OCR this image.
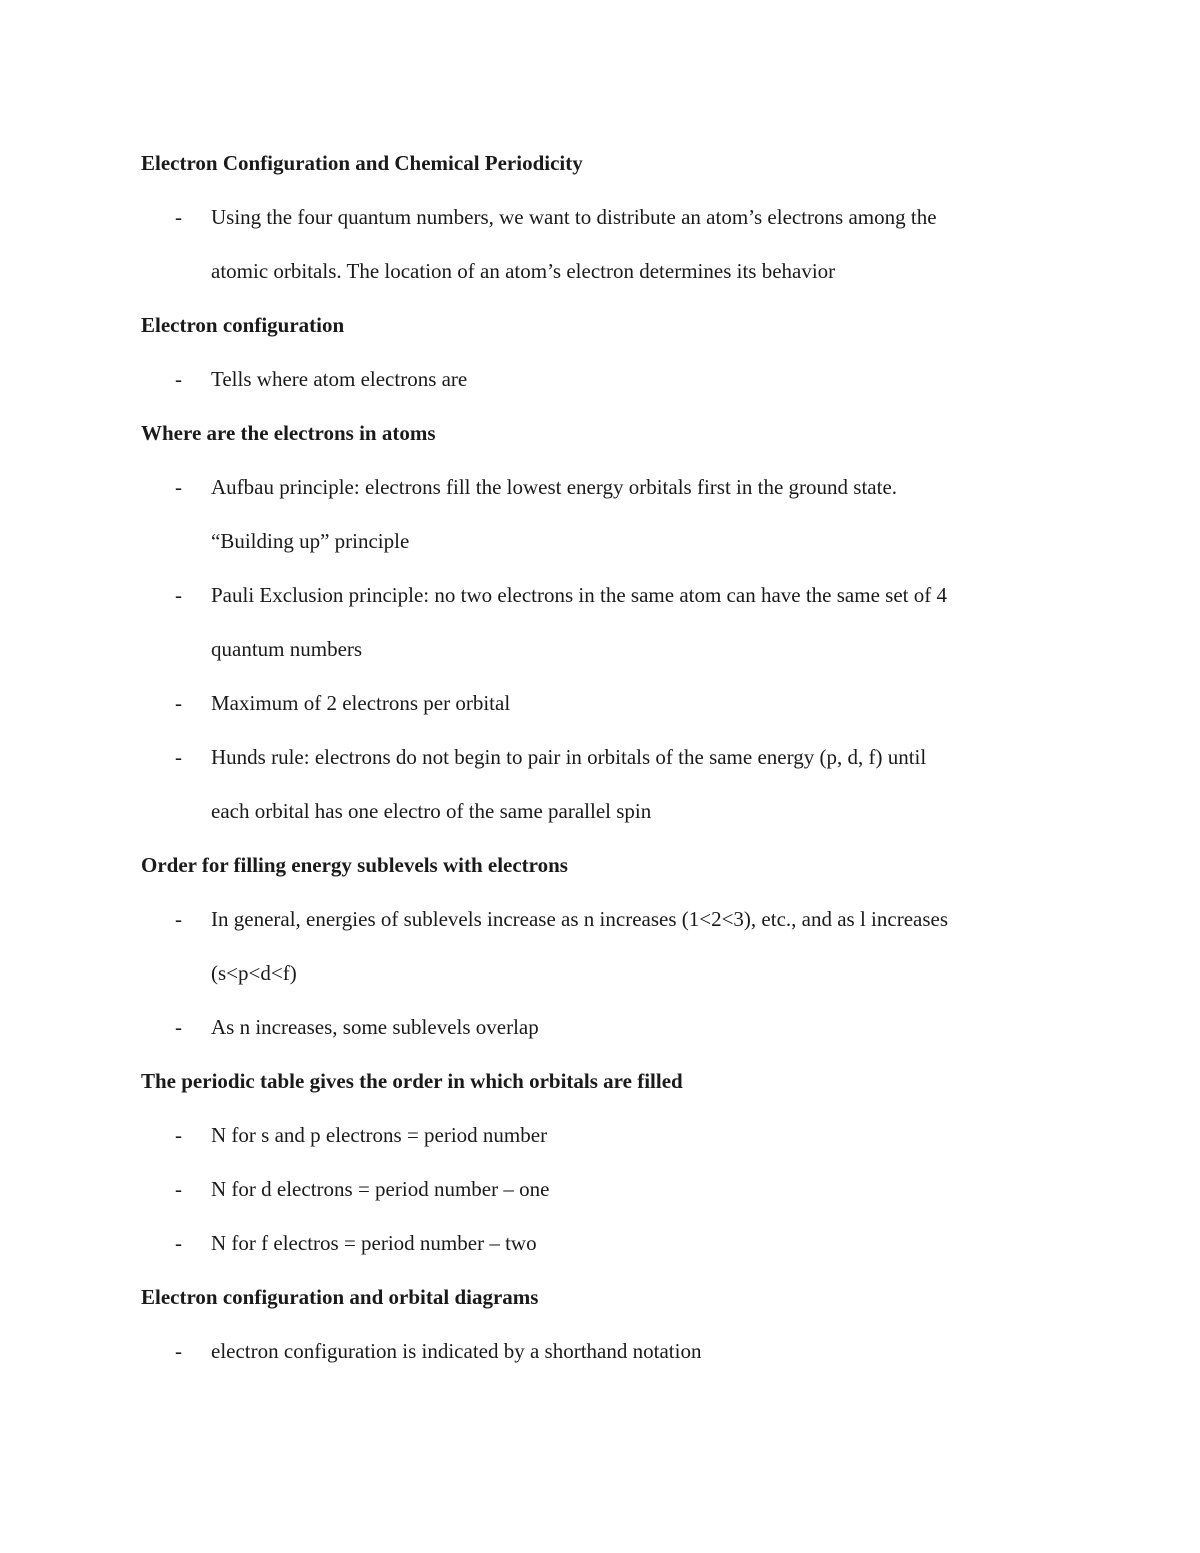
Electron Configuration and Chemical Periodicity
- Using the four quantum numbers, we want to distribute an atom’s electrons among the
atomic orbitals. The location of an atom’s electron determines its behavior
Electron configuration
- Tells where atom electrons are
Where are the electrons in atoms
- Aufbau principle: electrons fill the lowest energy orbitals first in the ground state.
“Building up” principle
- Pauli Exclusion principle: no two electrons in the same atom can have the same set of 4
quantum numbers
- Maximum of 2 electrons per orbital
- Hunds rule: electrons do not begin to pair in orbitals of the same energy (p, d, f) until
each orbital has one electro of the same parallel spin
Order for filling energy sublevels with electrons
- In general, energies of sublevels increase as n increases (1<2<3), etc., and as l increases
(s<p<d<f)
- As n increases, some sublevels overlap
The periodic table gives the order in which orbitals are filled
- N for s and p electrons = period number
- N for d electrons = period number – one
- N for f electros = period number – two
Electron configuration and orbital diagrams
- electron configuration is indicated by a shorthand notation
